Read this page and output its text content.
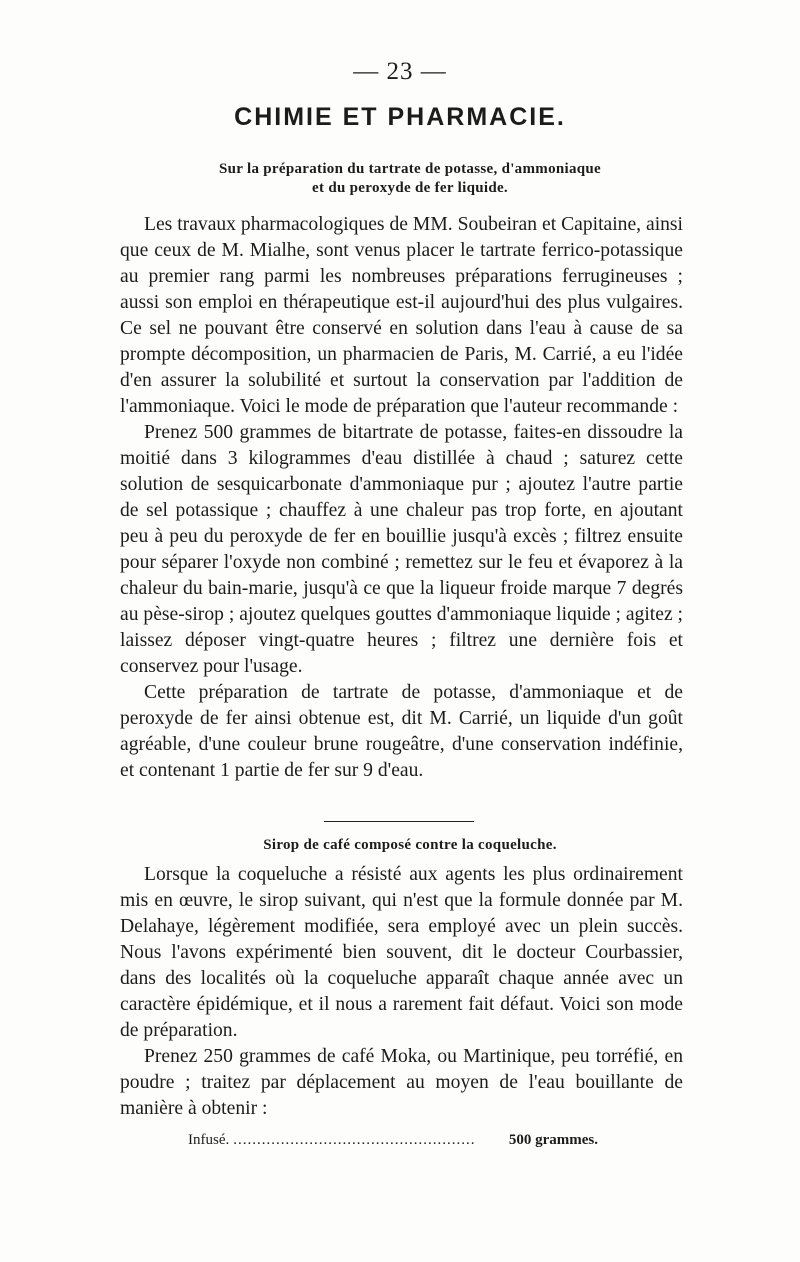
— 23 —
CHIMIE ET PHARMACIE.
Sur la préparation du tartrate de potasse, d'ammoniaque
et du peroxyde de fer liquide.

Les travaux pharmacologiques de MM. Soubeiran et Capitaine, ainsi que ceux de M. Mialhe, sont venus placer le tartrate ferrico-potassique au premier rang parmi les nombreuses préparations ferrugineuses ; aussi son emploi en thérapeutique est-il aujourd'hui des plus vulgaires. Ce sel ne pouvant être conservé en solution dans l'eau à cause de sa prompte décomposition, un pharmacien de Paris, M. Carrié, a eu l'idée d'en assurer la solubilité et surtout la conservation par l'addition de l'ammoniaque. Voici le mode de préparation que l'auteur recommande :

Prenez 500 grammes de bitartrate de potasse, faites-en dissoudre la moitié dans 3 kilogrammes d'eau distillée à chaud ; saturez cette solution de sesquicarbonate d'ammoniaque pur ; ajoutez l'autre partie de sel potassique ; chauffez à une chaleur pas trop forte, en ajoutant peu à peu du peroxyde de fer en bouillie jusqu'à excès ; filtrez ensuite pour séparer l'oxyde non combiné ; remettez sur le feu et évaporez à la chaleur du bain-marie, jusqu'à ce que la liqueur froide marque 7 degrés au pèse-sirop ; ajoutez quelques gouttes d'ammoniaque liquide ; agitez ; laissez déposer vingt-quatre heures ; filtrez une dernière fois et conservez pour l'usage.

Cette préparation de tartrate de potasse, d'ammoniaque et de peroxyde de fer ainsi obtenue est, dit M. Carrié, un liquide d'un goût agréable, d'une couleur brune rougeâtre, d'une conservation indéfinie, et contenant 1 partie de fer sur 9 d'eau.

Sirop de café composé contre la coqueluche.

Lorsque la coqueluche a résisté aux agents les plus ordinairement mis en œuvre, le sirop suivant, qui n'est que la formule donnée par M. Delahaye, légèrement modifiée, sera employé avec un plein succès. Nous l'avons expérimenté bien souvent, dit le docteur Courbassier, dans des localités où la coqueluche apparaît chaque année avec un caractère épidémique, et il nous a rarement fait défaut. Voici son mode de préparation.

Prenez 250 grammes de café Moka, ou Martinique, peu torréfié, en poudre ; traitez par déplacement au moyen de l'eau bouillante de manière à obtenir :

Infusé. ...................................................	500 grammes.
